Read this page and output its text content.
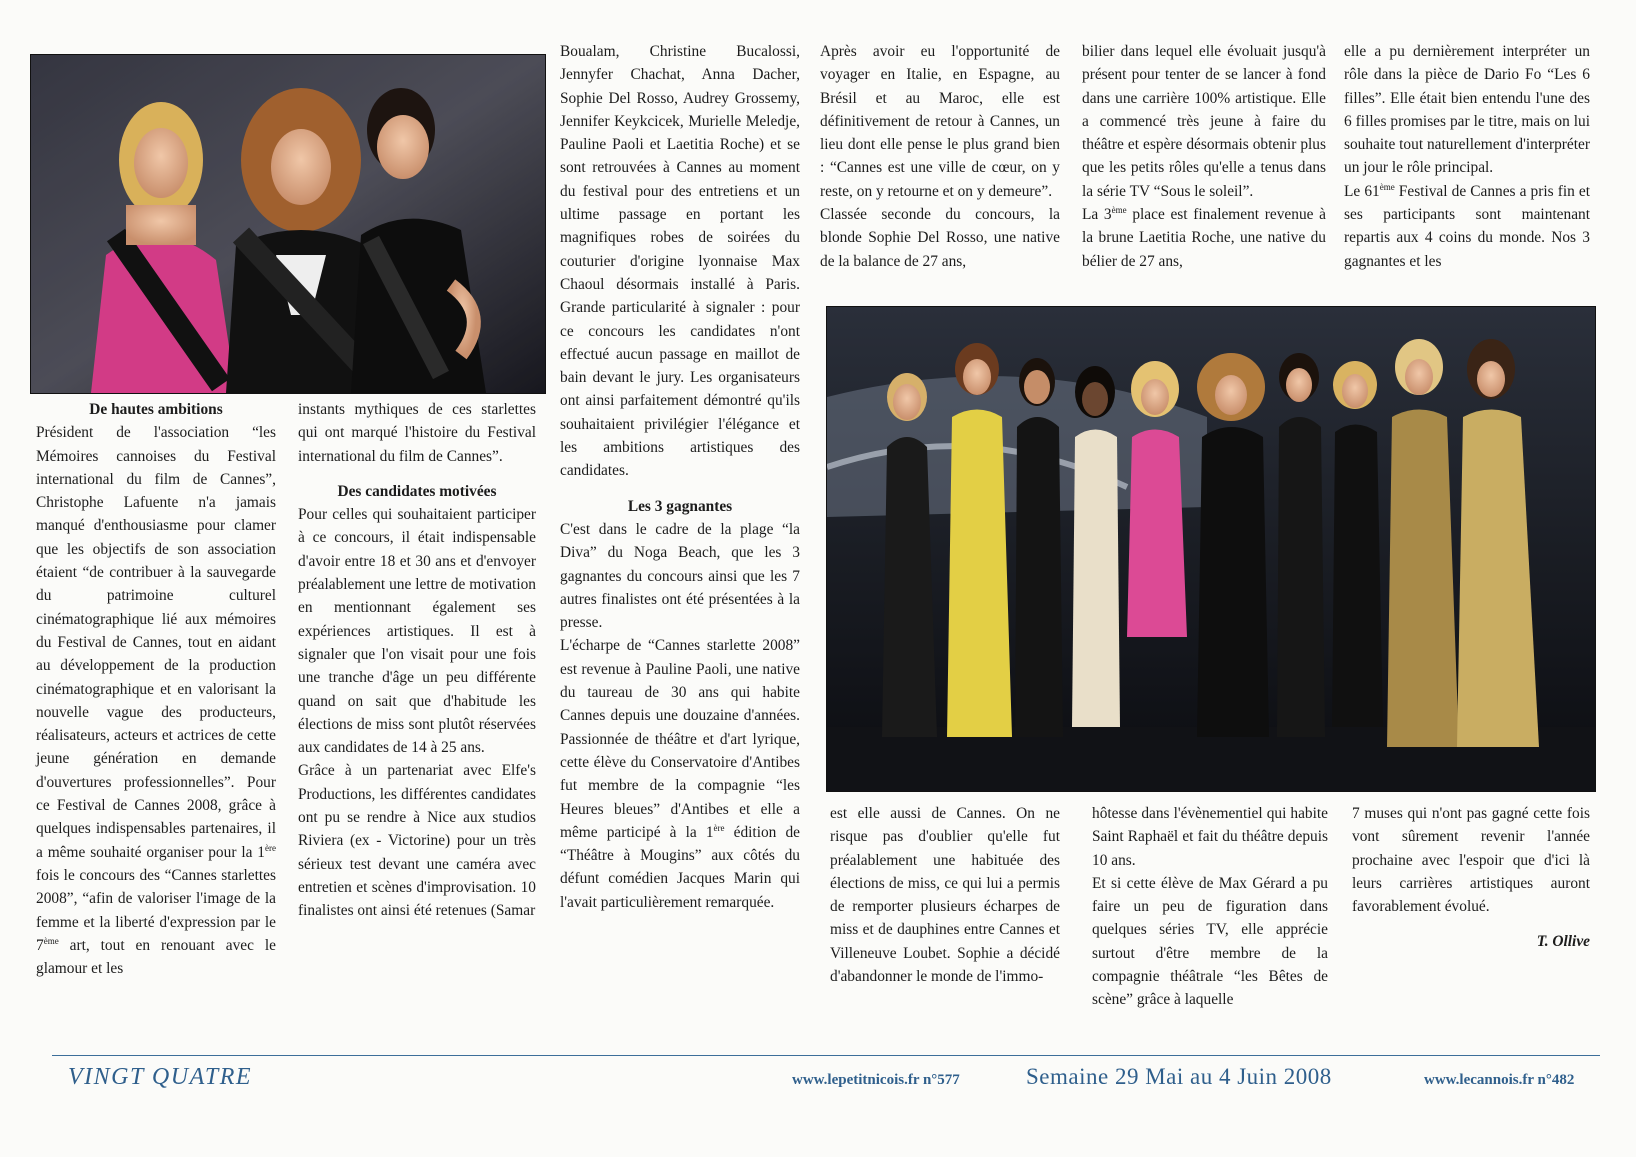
De hautes ambitions

Président de l'association “les Mémoires cannoises du Festival international du film de Cannes”, Christophe Lafuente n'a jamais manqué d'enthousiasme pour clamer que les objectifs de son association étaient “de contribuer à la sauvegarde du patrimoine culturel cinématographique lié aux mémoires du Festival de Cannes, tout en aidant au développement de la production cinématographique et en valorisant la nouvelle vague des producteurs, réalisateurs, acteurs et actrices de cette jeune génération en demande d'ouvertures professionnelles”. Pour ce Festival de Cannes 2008, grâce à quelques indispensables partenaires, il a même souhaité organiser pour la 1ère fois le concours des “Cannes starlettes 2008”, “afin de valoriser l'image de la femme et la liberté d'expression par le 7ème art, tout en renouant avec le glamour et les

instants mythiques de ces starlettes qui ont marqué l'histoire du Festival international du film de Cannes”.

Des candidates motivées

Pour celles qui souhaitaient participer à ce concours, il était indispensable d'avoir entre 18 et 30 ans et d'envoyer préalablement une lettre de motivation en mentionnant également ses expériences artistiques. Il est à signaler que l'on visait pour une fois une tranche d'âge un peu différente quand on sait que d'habitude les élections de miss sont plutôt réservées aux candidates de 14 à 25 ans.

Grâce à un partenariat avec Elfe's Productions, les différentes candidates ont pu se rendre à Nice aux studios Riviera (ex - Victorine) pour un très sérieux test devant une caméra avec entretien et scènes d'improvisation. 10 finalistes ont ainsi été retenues (Samar

Boualam, Christine Bucalossi, Jennyfer Chachat, Anna Dacher, Sophie Del Rosso, Audrey Grossemy, Jennifer Keykcicek, Murielle Meledje, Pauline Paoli et Laetitia Roche) et se sont retrouvées à Cannes au moment du festival pour des entretiens et un ultime passage en portant les magnifiques robes de soirées du couturier d'origine lyonnaise Max Chaoul désormais installé à Paris. Grande particularité à signaler : pour ce concours les candidates n'ont effectué aucun passage en maillot de bain devant le jury. Les organisateurs ont ainsi parfaitement démontré qu'ils souhaitaient privilégier l'élégance et les ambitions artistiques des candidates.

Les 3 gagnantes

C'est dans le cadre de la plage “la Diva” du Noga Beach, que les 3 gagnantes du concours ainsi que les 7 autres finalistes ont été présentées à la presse.

L'écharpe de “Cannes starlette 2008” est revenue à Pauline Paoli, une native du taureau de 30 ans qui habite Cannes depuis une douzaine d'années. Passionnée de théâtre et d'art lyrique, cette élève du Conservatoire d'Antibes fut membre de la compagnie “les Heures bleues” d'Antibes et elle a même participé à la 1ère édition de “Théâtre à Mougins” aux côtés du défunt comédien Jacques Marin qui l'avait particulièrement remarquée.

Après avoir eu l'opportunité de voyager en Italie, en Espagne, au Brésil et au Maroc, elle est définitivement de retour à Cannes, un lieu dont elle pense le plus grand bien : “Cannes est une ville de cœur, on y reste, on y retourne et on y demeure”.

Classée seconde du concours, la blonde Sophie Del Rosso, une native de la balance de 27 ans,

bilier dans lequel elle évoluait jusqu'à présent pour tenter de se lancer à fond dans une carrière 100% artistique. Elle a commencé très jeune à faire du théâtre et espère désormais obtenir plus que les petits rôles qu'elle a tenus dans la série TV “Sous le soleil”.

La 3ème place est finalement revenue à la brune Laetitia Roche, une native du bélier de 27 ans,

elle a pu dernièrement interpréter un rôle dans la pièce de Dario Fo “Les 6 filles”. Elle était bien entendu l'une des 6 filles promises par le titre, mais on lui souhaite tout naturellement d'interpréter un jour le rôle principal.

Le 61ème Festival de Cannes a pris fin et ses participants sont maintenant repartis aux 4 coins du monde. Nos 3 gagnantes et les

est elle aussi de Cannes. On ne risque pas d'oublier qu'elle fut préalablement une habituée des élections de miss, ce qui lui a permis de remporter plusieurs écharpes de miss et de dauphines entre Cannes et Villeneuve Loubet. Sophie a décidé d'abandonner le monde de l'immo-

hôtesse dans l'évènementiel qui habite Saint Raphaël et fait du théâtre depuis 10 ans.

Et si cette élève de Max Gérard a pu faire un peu de figuration dans quelques séries TV, elle apprécie surtout d'être membre de la compagnie théâtrale “les Bêtes de scène” grâce à laquelle

7 muses qui n'ont pas gagné cette fois vont sûrement revenir l'année prochaine avec l'espoir que d'ici là leurs carrières artistiques auront favorablement évolué.

T. Ollive

VINGT QUATRE	www.lepetitnicois.fr n°577	Semaine 29 Mai au 4 Juin 2008	www.lecannois.fr n°482
